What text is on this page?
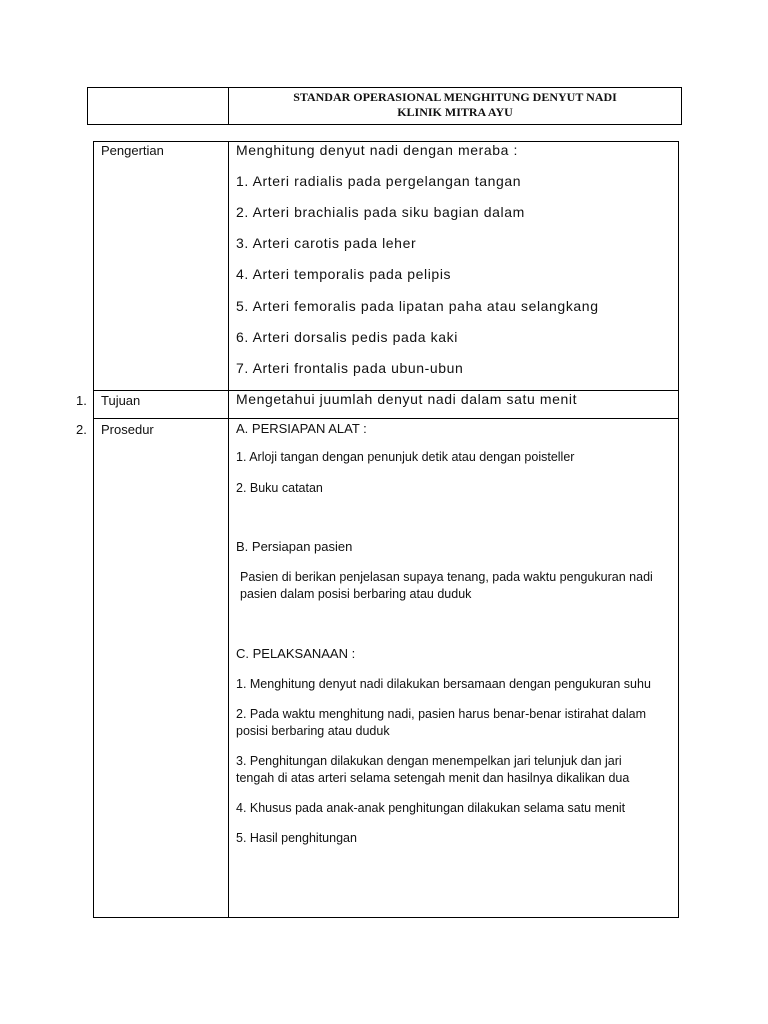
STANDAR OPERASIONAL MENGHITUNG DENYUT NADI
KLINIK MITRA AYU
Pengertian	Menghitung denyut nadi dengan meraba :
1. Arteri radialis pada pergelangan tangan
2. Arteri brachialis pada siku bagian dalam
3. Arteri carotis pada leher
4. Arteri temporalis pada pelipis
5. Arteri femoralis pada lipatan paha atau selangkang
6. Arteri dorsalis pedis pada kaki
7. Arteri frontalis pada ubun-ubun
1. Tujuan	Mengetahui juumlah denyut nadi dalam satu menit
2. Prosedur	A. PERSIAPAN ALAT :
1. Arloji tangan dengan penunjuk detik atau dengan poisteller
2. Buku catatan
B. Persiapan pasien
Pasien di berikan penjelasan supaya tenang, pada waktu pengukuran nadi
pasien dalam posisi berbaring atau duduk
C. PELAKSANAAN :
1. Menghitung denyut nadi dilakukan bersamaan dengan pengukuran suhu
2. Pada waktu menghitung nadi, pasien harus benar-benar istirahat dalam
posisi berbaring atau duduk
3. Penghitungan dilakukan dengan menempelkan jari telunjuk dan jari
tengah di atas arteri selama setengah menit dan hasilnya dikalikan dua
4. Khusus pada anak-anak penghitungan dilakukan selama satu menit
5. Hasil penghitungan
